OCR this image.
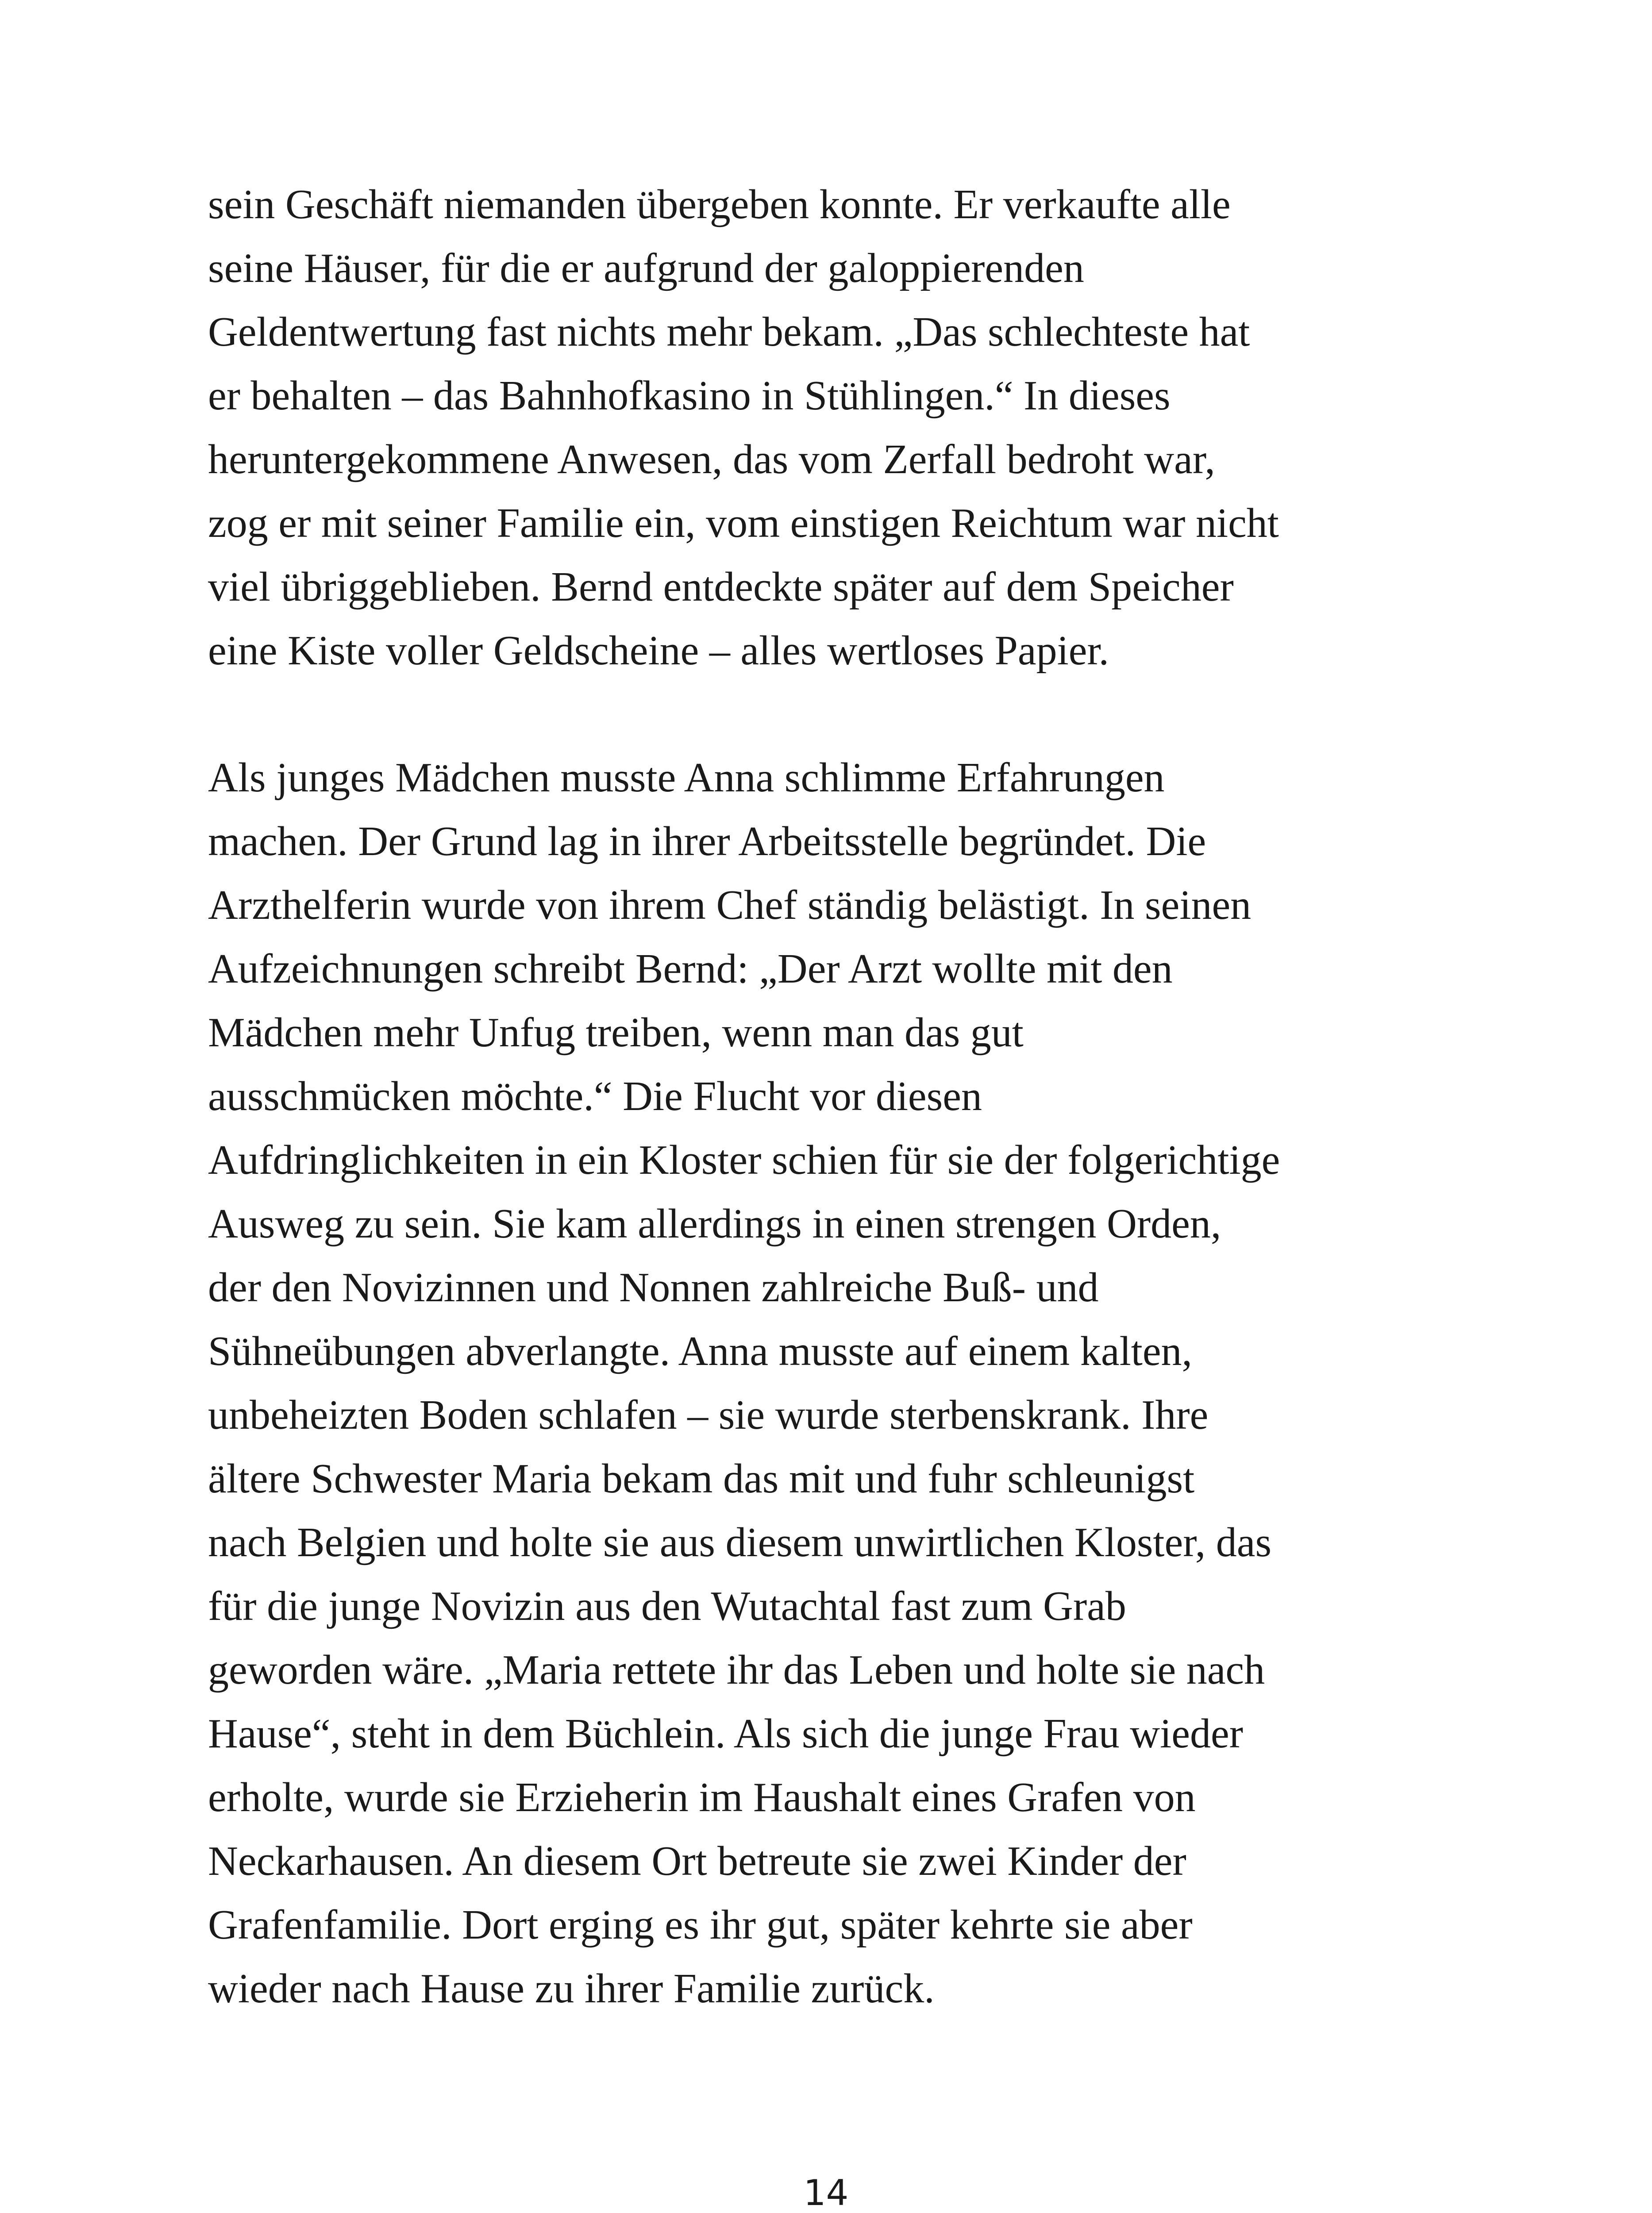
sein Geschäft niemanden übergeben konnte. Er verkaufte alle
seine Häuser, für die er aufgrund der galoppierenden
Geldentwertung fast nichts mehr bekam. „Das schlechteste hat
er behalten – das Bahnhofkasino in Stühlingen.“ In dieses
heruntergekommene Anwesen, das vom Zerfall bedroht war,
zog er mit seiner Familie ein, vom einstigen Reichtum war nicht
viel übriggeblieben. Bernd entdeckte später auf dem Speicher
eine Kiste voller Geldscheine – alles wertloses Papier.
Als junges Mädchen musste Anna schlimme Erfahrungen
machen. Der Grund lag in ihrer Arbeitsstelle begründet. Die
Arzthelferin wurde von ihrem Chef ständig belästigt. In seinen
Aufzeichnungen schreibt Bernd: „Der Arzt wollte mit den
Mädchen mehr Unfug treiben, wenn man das gut
ausschmücken möchte.“ Die Flucht vor diesen
Aufdringlichkeiten in ein Kloster schien für sie der folgerichtige
Ausweg zu sein. Sie kam allerdings in einen strengen Orden,
der den Novizinnen und Nonnen zahlreiche Buß- und
Sühneübungen abverlangte. Anna musste auf einem kalten,
unbeheizten Boden schlafen – sie wurde sterbenskrank. Ihre
ältere Schwester Maria bekam das mit und fuhr schleunigst
nach Belgien und holte sie aus diesem unwirtlichen Kloster, das
für die junge Novizin aus den Wutachtal fast zum Grab
geworden wäre. „Maria rettete ihr das Leben und holte sie nach
Hause“, steht in dem Büchlein. Als sich die junge Frau wieder
erholte, wurde sie Erzieherin im Haushalt eines Grafen von
Neckarhausen. An diesem Ort betreute sie zwei Kinder der
Grafenfamilie. Dort erging es ihr gut, später kehrte sie aber
wieder nach Hause zu ihrer Familie zurück.
14
